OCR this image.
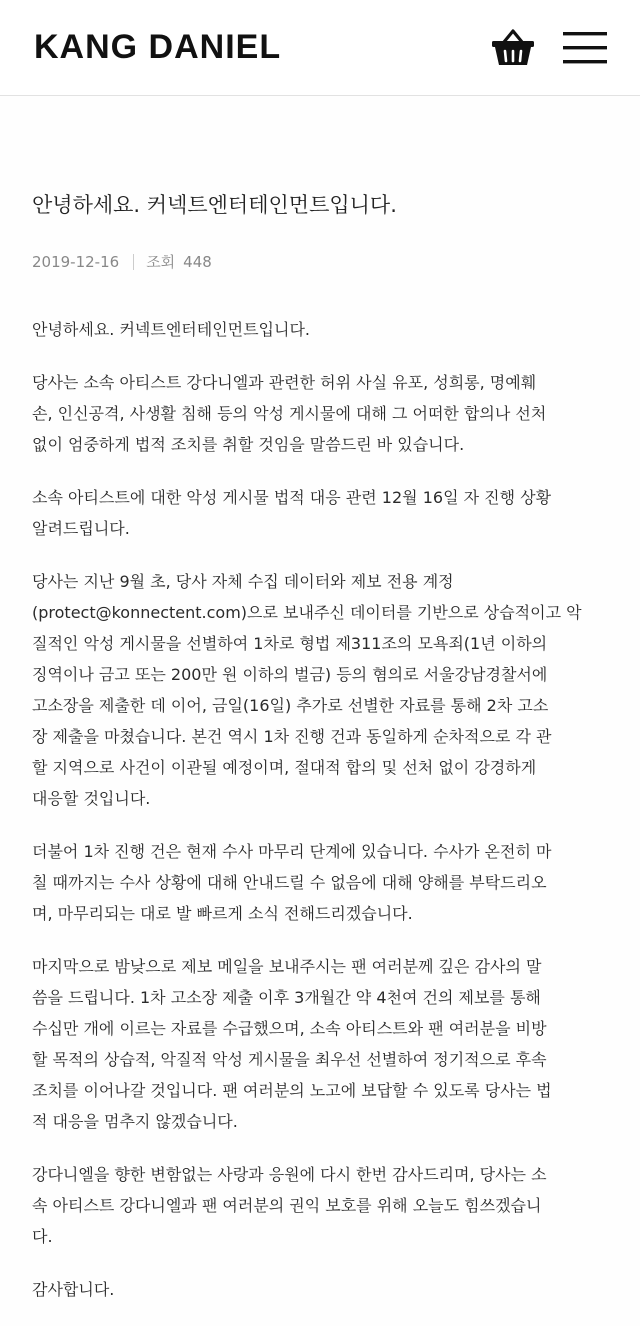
KANG DANIEL
안녕하세요. 커넥트엔터테인먼트입니다.
2019-12-16 조회 448

안녕하세요. 커넥트엔터테인먼트입니다.

당사는 소속 아티스트 강다니엘과 관련한 허위 사실 유포, 성희롱, 명예훼
손, 인신공격, 사생활 침해 등의 악성 게시물에 대해 그 어떠한 합의나 선처
없이 엄중하게 법적 조치를 취할 것임을 말씀드린 바 있습니다.

소속 아티스트에 대한 악성 게시물 법적 대응 관련 12월 16일 자 진행 상황
알려드립니다.

당사는 지난 9월 초, 당사 자체 수집 데이터와 제보 전용 계정
(protect@konnectent.com)으로 보내주신 데이터를 기반으로 상습적이고 악
질적인 악성 게시물을 선별하여 1차로 형법 제311조의 모욕죄(1년 이하의
징역이나 금고 또는 200만 원 이하의 벌금) 등의 혐의로 서울강남경찰서에
고소장을 제출한 데 이어, 금일(16일) 추가로 선별한 자료를 통해 2차 고소
장 제출을 마쳤습니다. 본건 역시 1차 진행 건과 동일하게 순차적으로 각 관
할 지역으로 사건이 이관될 예정이며, 절대적 합의 및 선처 없이 강경하게
대응할 것입니다.

더불어 1차 진행 건은 현재 수사 마무리 단계에 있습니다. 수사가 온전히 마
칠 때까지는 수사 상황에 대해 안내드릴 수 없음에 대해 양해를 부탁드리오
며, 마무리되는 대로 발 빠르게 소식 전해드리겠습니다.

마지막으로 밤낮으로 제보 메일을 보내주시는 팬 여러분께 깊은 감사의 말
씀을 드립니다. 1차 고소장 제출 이후 3개월간 약 4천여 건의 제보를 통해
수십만 개에 이르는 자료를 수급했으며, 소속 아티스트와 팬 여러분을 비방
할 목적의 상습적, 악질적 악성 게시물을 최우선 선별하여 정기적으로 후속
조치를 이어나갈 것입니다. 팬 여러분의 노고에 보답할 수 있도록 당사는 법
적 대응을 멈추지 않겠습니다.

강다니엘을 향한 변함없는 사랑과 응원에 다시 한번 감사드리며, 당사는 소
속 아티스트 강다니엘과 팬 여러분의 권익 보호를 위해 오늘도 힘쓰겠습니
다.

감사합니다.
